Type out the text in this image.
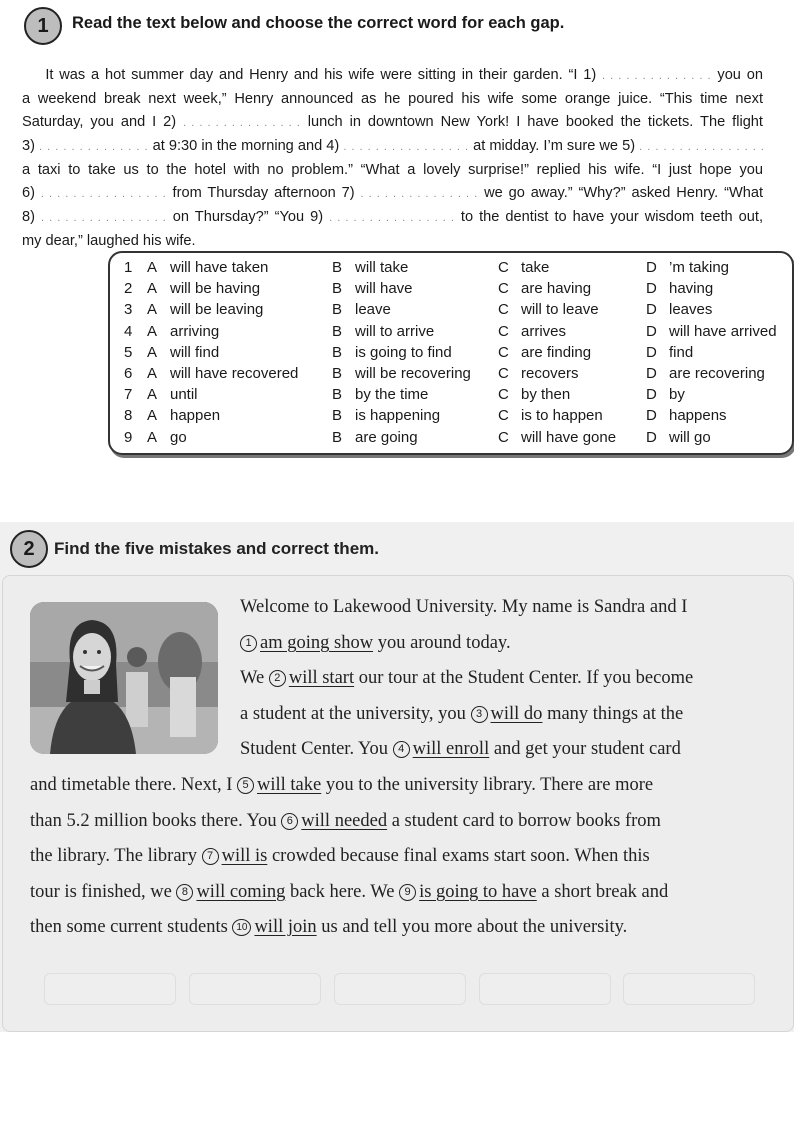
1	Read the text below and choose the correct word for each gap.
It was a hot summer day and Henry and his wife were sitting in their garden. “I 1) . . . . . . . . . . . . . . you on
a weekend break next week,” Henry announced as he poured his wife some orange juice. “This time next
Saturday, you and I 2) . . . . . . . . . . . . . . . lunch in downtown New York! I have booked the tickets. The flight
3) . . . . . . . . . . . . . . at 9:30 in the morning and 4) . . . . . . . . . . . . . . . . at midday. I’m sure we 5) . . . . . . . . . . . . . . . .
a taxi to take us to the hotel with no problem.” “What a lovely surprise!” replied his wife. “I just hope you
6) . . . . . . . . . . . . . . . . from Thursday afternoon 7) . . . . . . . . . . . . . . . we go away.” “Why?” asked Henry. “What
8) . . . . . . . . . . . . . . . . on Thursday?” “You 9) . . . . . . . . . . . . . . . . to the dentist to have your wisdom teeth out,
my dear,” laughed his wife.
1 A will have taken	B will take	C take	D ’m taking
2 A will be having	B will have	C are having	D having
3 A will be leaving	B leave	C will to leave	D leaves
4 A arriving	B will to arrive	C arrives	D will have arrived
5 A will find	B is going to find	C are finding	D find
6 A will have recovered B will be recovering C recovers	D are recovering
7 A until	B by the time	C by then	D by
8 A happen	B is happening	C is to happen	D happens
9 A go	B are going	C will have gone D will go
2	Find the five mistakes and correct them.
Welcome to Lakewood University. My name is Sandra and I
1 am going show you around today.
We 2 will start our tour at the Student Center. If you become
a student at the university, you 3 will do many things at the
Student Center. You 4 will enroll and get your student card
and timetable there. Next, I 5 will take you to the university library. There are more
than 5.2 million books there. You 6 will needed a student card to borrow books from
the library. The library 7 will is crowded because final exams start soon. When this
tour is finished, we 8 will coming back here. We 9 is going to have a short break and
then some current students 10 will join us and tell you more about the university.
